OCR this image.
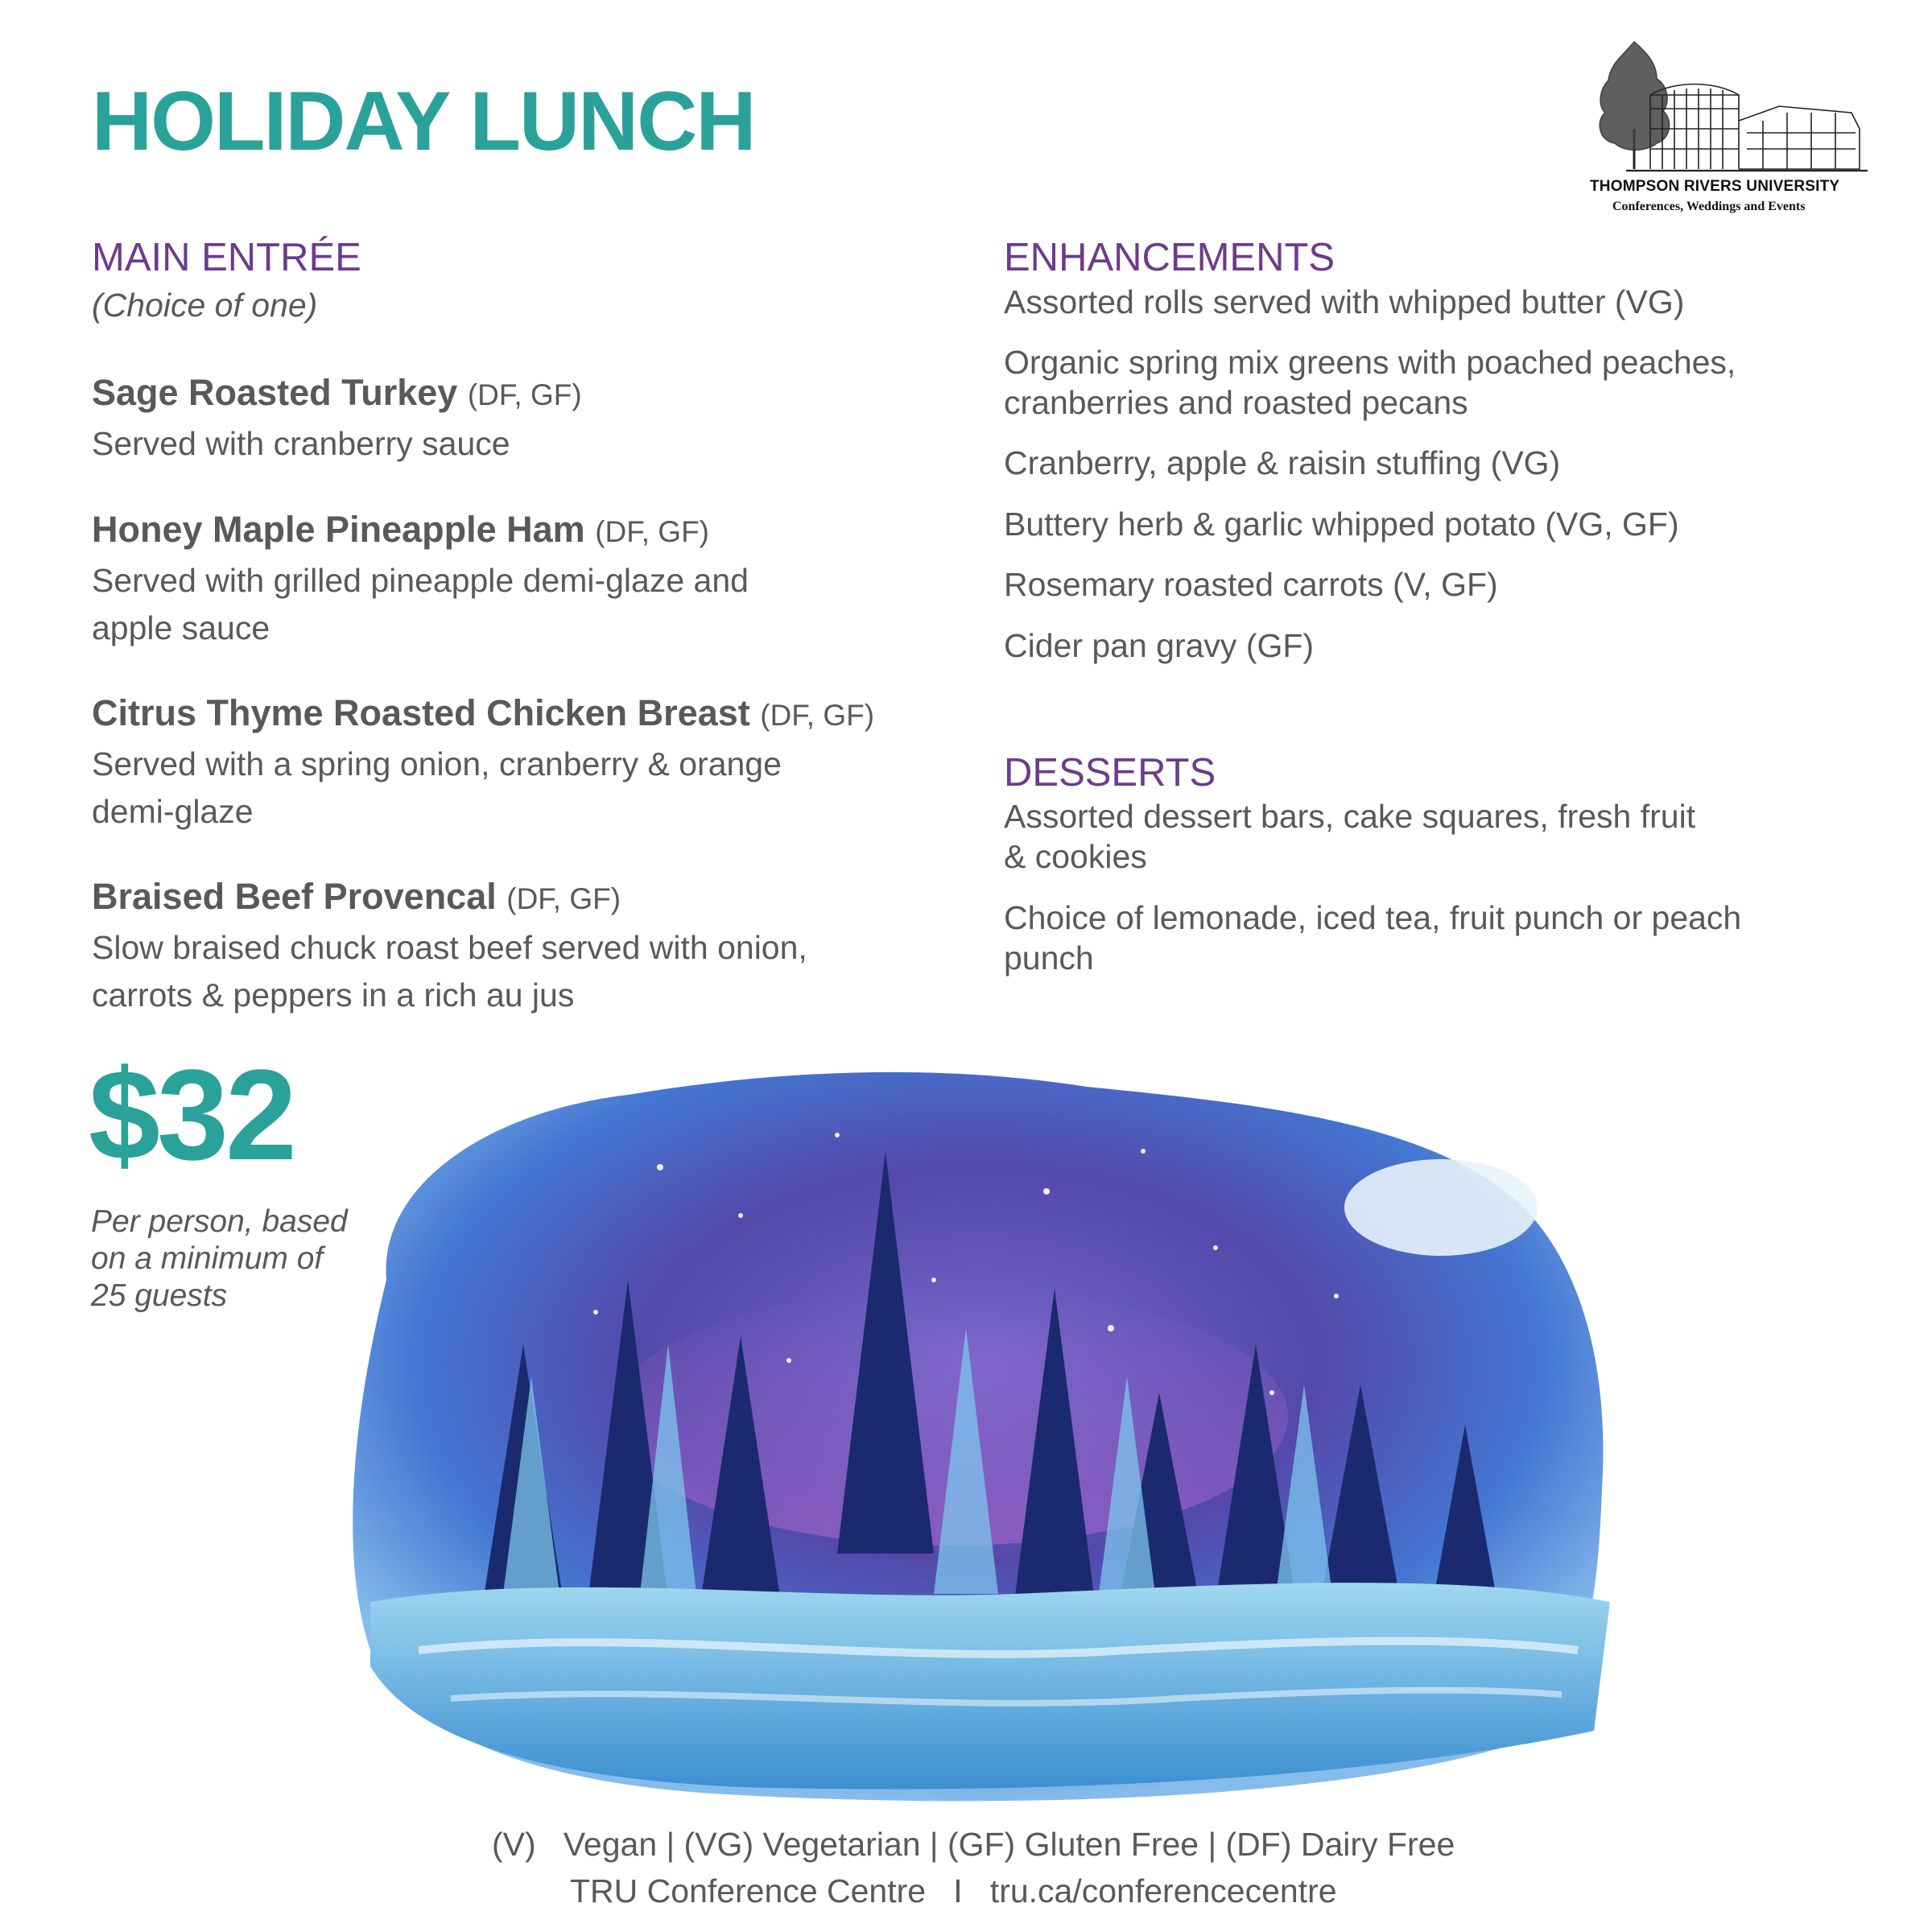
HOLIDAY LUNCH
THOMPSON RIVERS UNIVERSITY
Conferences, Weddings and Events
MAIN ENTRÉE
(Choice of one)
Sage Roasted Turkey (DF, GF)
Served with cranberry sauce
Honey Maple Pineapple Ham (DF, GF)
Served with grilled pineapple demi-glaze and
apple sauce
Citrus Thyme Roasted Chicken Breast (DF, GF)
Served with a spring onion, cranberry & orange
demi-glaze
Braised Beef Provencal (DF, GF)
Slow braised chuck roast beef served with onion,
carrots & peppers in a rich au jus
ENHANCEMENTS
Assorted rolls served with whipped butter (VG)
Organic spring mix greens with poached peaches,
cranberries and roasted pecans
Cranberry, apple & raisin stuffing (VG)
Buttery herb & garlic whipped potato (VG, GF)
Rosemary roasted carrots (V, GF)
Cider pan gravy (GF)
DESSERTS
Assorted dessert bars, cake squares, fresh fruit
& cookies
Choice of lemonade, iced tea, fruit punch or peach
punch
$32
Per person, based
on a minimum of
25 guests
(V)   Vegan | (VG) Vegetarian | (GF) Gluten Free | (DF) Dairy Free
TRU Conference Centre   I   tru.ca/conferencecentre
